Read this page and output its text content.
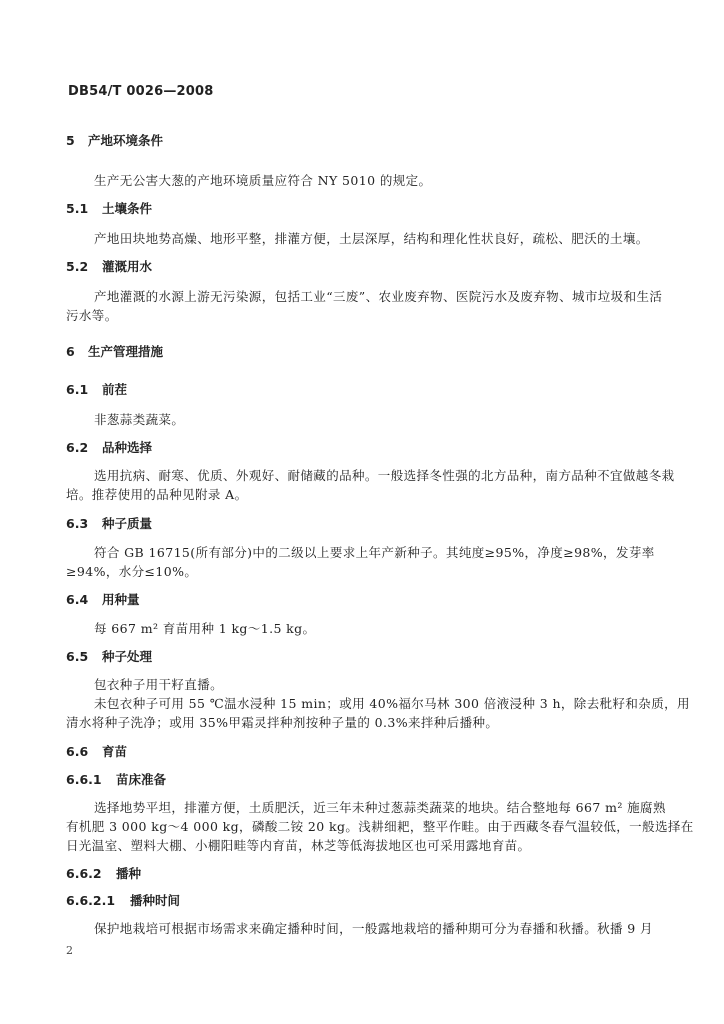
DB54/T 0026—2008
5 产地环境条件
生产无公害大葱的产地环境质量应符合 NY 5010 的规定。
5.1 土壤条件
产地田块地势高燥、地形平整，排灌方便，土层深厚，结构和理化性状良好，疏松、肥沃的土壤。
5.2 灌溉用水
产地灌溉的水源上游无污染源，包括工业“三废”、农业废弃物、医院污水及废弃物、城市垃圾和生活
污水等。
6 生产管理措施
6.1 前茬
非葱蒜类蔬菜。
6.2 品种选择
选用抗病、耐寒、优质、外观好、耐储藏的品种。一般选择冬性强的北方品种，南方品种不宜做越冬栽
培。推荐使用的品种见附录 A。
6.3 种子质量
符合 GB 16715(所有部分)中的二级以上要求上年产新种子。其纯度≥95%，净度≥98%，发芽率
≥94%，水分≤10%。
6.4 用种量
每 667 m² 育苗用种 1 kg～1.5 kg。
6.5 种子处理
包衣种子用干籽直播。
未包衣种子可用 55 ℃温水浸种 15 min；或用 40%福尔马林 300 倍液浸种 3 h，除去秕籽和杂质，用
清水将种子洗净；或用 35%甲霜灵拌种剂按种子量的 0.3%来拌种后播种。
6.6 育苗
6.6.1 苗床准备
选择地势平坦，排灌方便，土质肥沃，近三年未种过葱蒜类蔬菜的地块。结合整地每 667 m² 施腐熟
有机肥 3 000 kg～4 000 kg，磷酸二铵 20 kg。浅耕细耙，整平作畦。由于西藏冬春气温较低，一般选择在
日光温室、塑料大棚、小棚阳畦等内育苗，林芝等低海拔地区也可采用露地育苗。
6.6.2 播种
6.6.2.1 播种时间
保护地栽培可根据市场需求来确定播种时间，一般露地栽培的播种期可分为春播和秋播。秋播 9 月
2
